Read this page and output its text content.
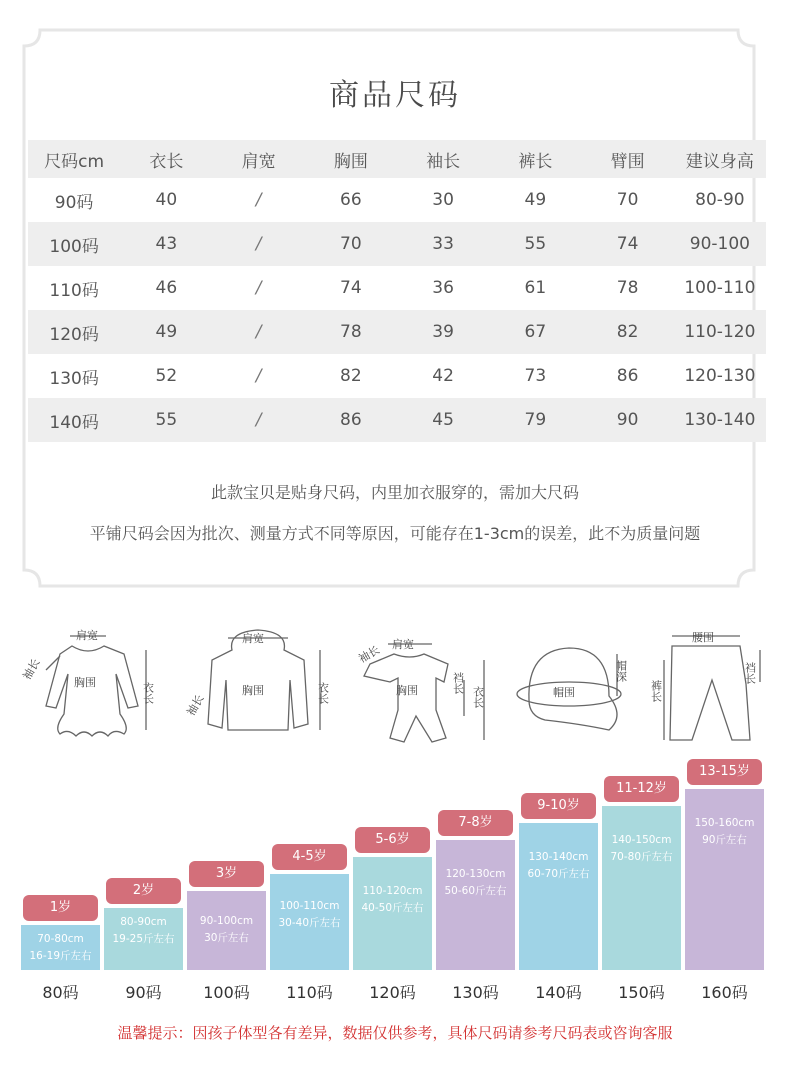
商品尺码
尺码cm	衣长	肩宽	胸围	袖长	裤长	臂围	建议身高
90码	40	/	66	30	49	70	80-90
100码	43	/	70	33	55	74	90-100
110码	46	/	74	36	61	78	100-110
120码	49	/	78	39	67	82	110-120
130码	52	/	82	42	73	86	120-130
140码	55	/	86	45	79	90	130-140
此款宝贝是贴身尺码，内里加衣服穿的，需加大尺码
平铺尺码会因为批次、测量方式不同等原因，可能存在1-3cm的误差，此不为质量问题
肩宽
胸围	衣长
袖长
肩宽
胸围	衣长
袖长
袖长 肩宽
胸围	裆长
衣长	帽围
帽深
腰围
裤长
裆长
70-80cm
16-19斤左右
1岁
80码
80-90cm
19-25斤左右
2岁
90码
90-100cm
30斤左右
3岁
100码
100-110cm
30-40斤左右
4-5岁
110码
110-120cm
40-50斤左右
5-6岁
120码
120-130cm
50-60斤左右
7-8岁
130码
130-140cm
60-70斤左右
9-10岁
140码
140-150cm
70-80斤左右
11-12岁
150码
150-160cm
90斤左右
13-15岁
160码
温馨提示：因孩子体型各有差异，数据仅供参考，具体尺码请参考尺码表或咨询客服
